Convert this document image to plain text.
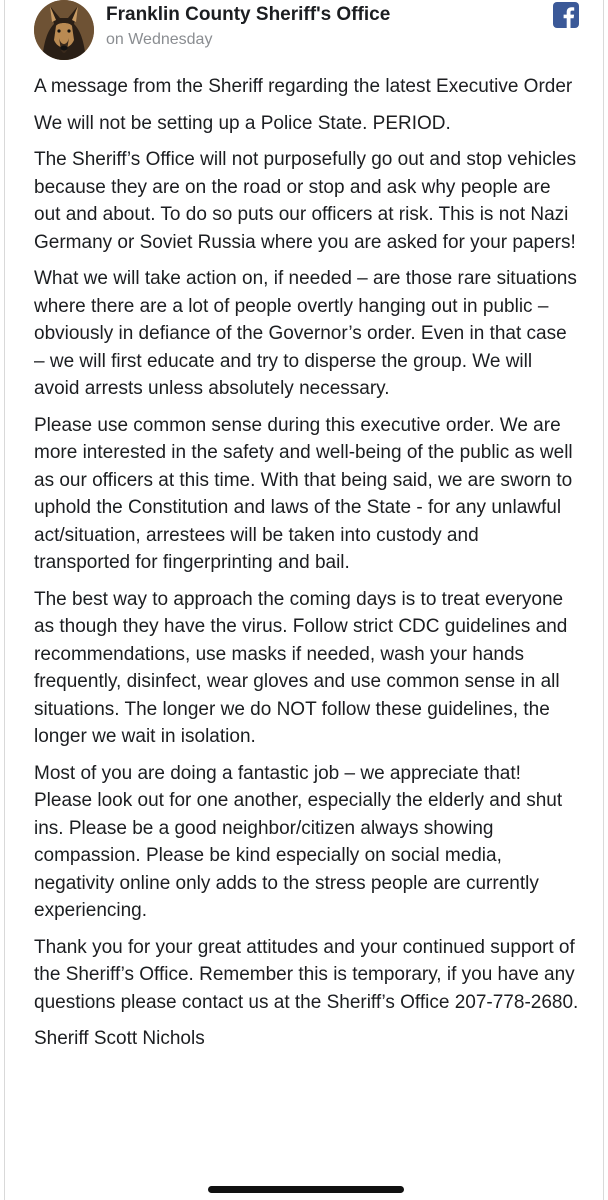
Franklin County Sheriff's Office
on Wednesday

A message from the Sheriff regarding the latest Executive Order

We will not be setting up a Police State. PERIOD.

The Sheriff’s Office will not purposefully go out and stop vehicles because they are on the road or stop and ask why people are out and about. To do so puts our officers at risk. This is not Nazi Germany or Soviet Russia where you are asked for your papers!

What we will take action on, if needed – are those rare situations where there are a lot of people overtly hanging out in public – obviously in defiance of the Governor’s order. Even in that case – we will first educate and try to disperse the group. We will avoid arrests unless absolutely necessary.

Please use common sense during this executive order. We are more interested in the safety and well-being of the public as well as our officers at this time. With that being said, we are sworn to uphold the Constitution and laws of the State - for any unlawful act/situation, arrestees will be taken into custody and transported for fingerprinting and bail.

The best way to approach the coming days is to treat everyone as though they have the virus. Follow strict CDC guidelines and recommendations, use masks if needed, wash your hands frequently, disinfect, wear gloves and use common sense in all situations. The longer we do NOT follow these guidelines, the longer we wait in isolation.

Most of you are doing a fantastic job – we appreciate that! Please look out for one another, especially the elderly and shut ins. Please be a good neighbor/citizen always showing compassion. Please be kind especially on social media, negativity online only adds to the stress people are currently experiencing.

Thank you for your great attitudes and your continued support of the Sheriff’s Office. Remember this is temporary, if you have any questions please contact us at the Sheriff’s Office 207-778-2680.

Sheriff Scott Nichols
